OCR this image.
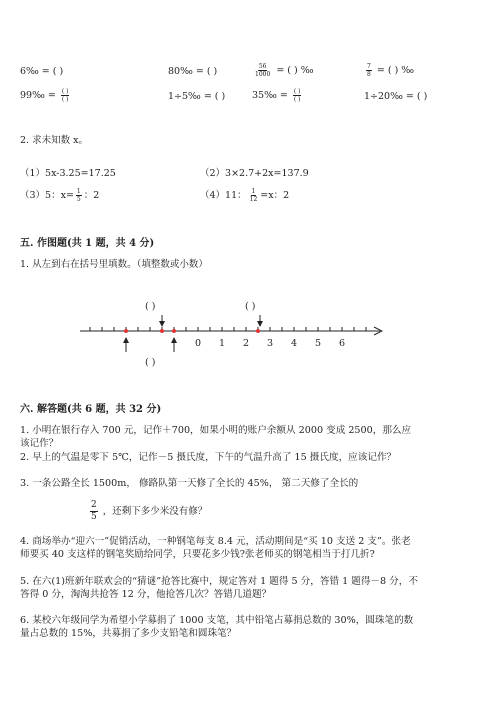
6‰ = ( )	80‰ = ( )	$\frac{56}{1000}$ = ( ) ‰	$\frac{7}{8}$ = ( ) ‰
99‰ = $\frac{( )}{( )}$	1÷5‰ = ( )	35‰ = $\frac{( )}{( )}$	1÷20‰ = ( )
2. 求未知数 x。
（1）5x-3.25=17.25	（2）3×2.7+2x=137.9
（3）5：$x= \frac{1}{5}$ ：2	（4）11： $\frac{1}{12} =x$：2
五. 作图题(共 1 题，共 4 分)
1. 从左到右在括号里填数。（填整数或小数）
( )	( )
( )
0 1 2 3 4 5 6
六. 解答题(共 6 题，共 32 分)
1. 小明在银行存入 700 元，记作＋700，如果小明的账户余额从 2000 变成 2500，那么应该记作？
2. 早上的气温是零下 5℃，记作－5 摄氏度，下午的气温升高了 15 摄氏度，应该记作？
3. 一条公路全长 1500m， 修路队第一天修了全长的 45%， 第二天修了全长的
$\frac{2}{5}$ ，还剩下多少米没有修？
4. 商场举办“迎六一”促销活动，一种钢笔每支 8.4 元，活动期间是“买 10 支送 2 支”。张老师要买 40 支这样的钢笔奖励给同学，只要花多少钱?张老师买的钢笔相当于打几折?
5. 在六(1)班新年联欢会的“猜谜”抢答比赛中，规定答对 1 题得 5 分，答错 1 题得－8 分，不答得 0 分，淘淘共抢答 12 分，他抢答几次？答错几道题？
6. 某校六年级同学为希望小学募捐了 1000 支笔，其中铅笔占募捐总数的 30%，圆珠笔的数量占总数的 15%，共募捐了多少支铅笔和圆珠笔？
